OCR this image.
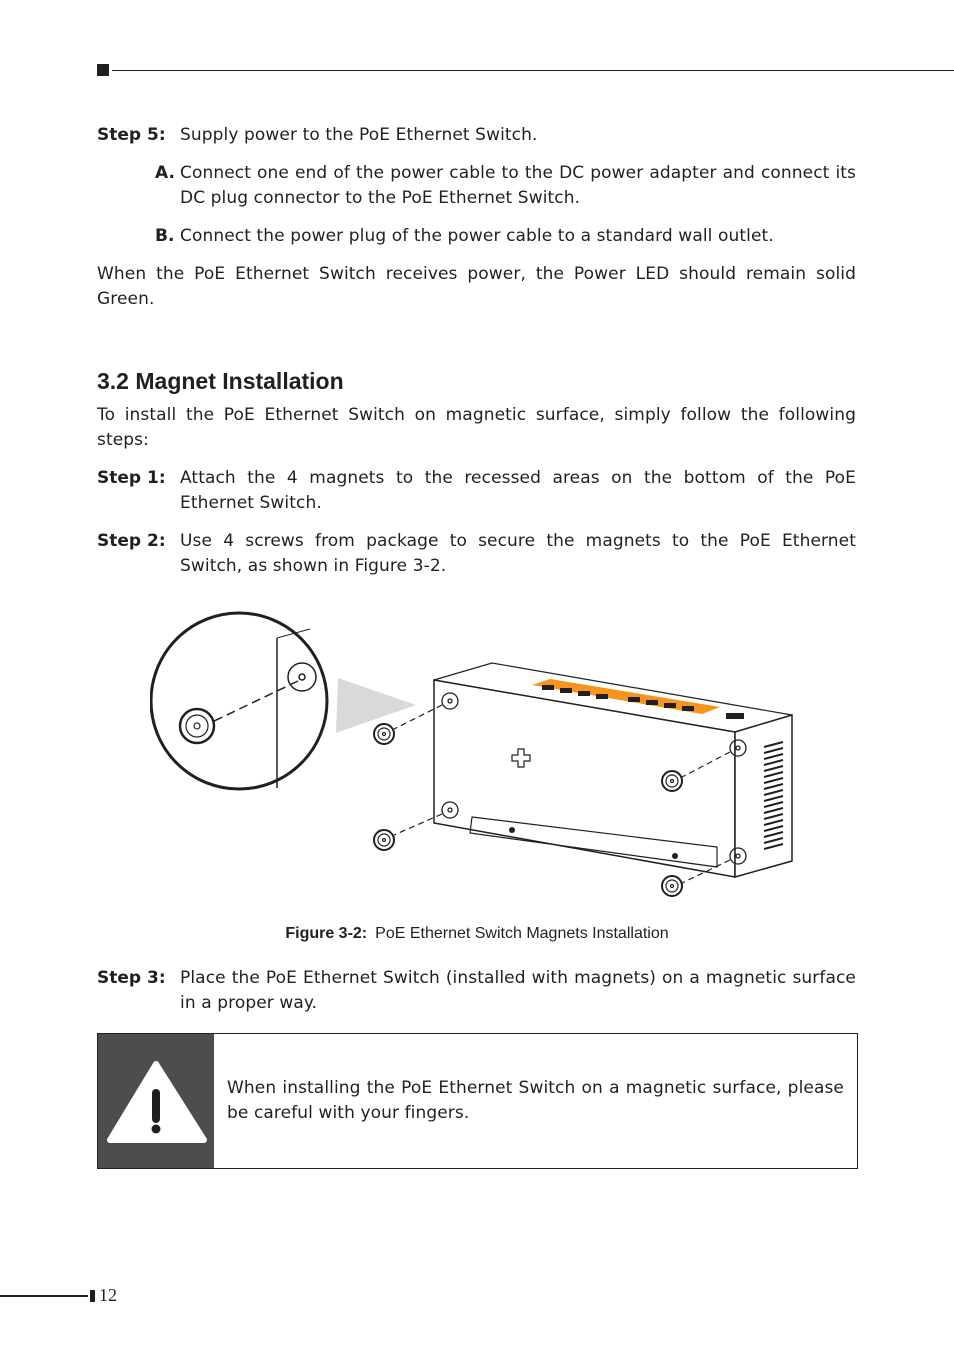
Step 5: Supply power to the PoE Ethernet Switch.
A. Connect one end of the power cable to the DC power adapter and connect its DC plug connector to the PoE Ethernet Switch.
B. Connect the power plug of the power cable to a standard wall outlet.
When the PoE Ethernet Switch receives power, the Power LED should remain solid Green.
3.2 Magnet Installation
To install the PoE Ethernet Switch on magnetic surface, simply follow the following steps:
Step 1: Attach the 4 magnets to the recessed areas on the bottom of the PoE Ethernet Switch.
Step 2: Use 4 screws from package to secure the magnets to the PoE Ethernet Switch, as shown in Figure 3-2.
Figure 3-2: PoE Ethernet Switch Magnets Installation
Step 3: Place the PoE Ethernet Switch (installed with magnets) on a magnetic surface in a proper way.
When installing the PoE Ethernet Switch on a magnetic surface, please be careful with your fingers.
12
